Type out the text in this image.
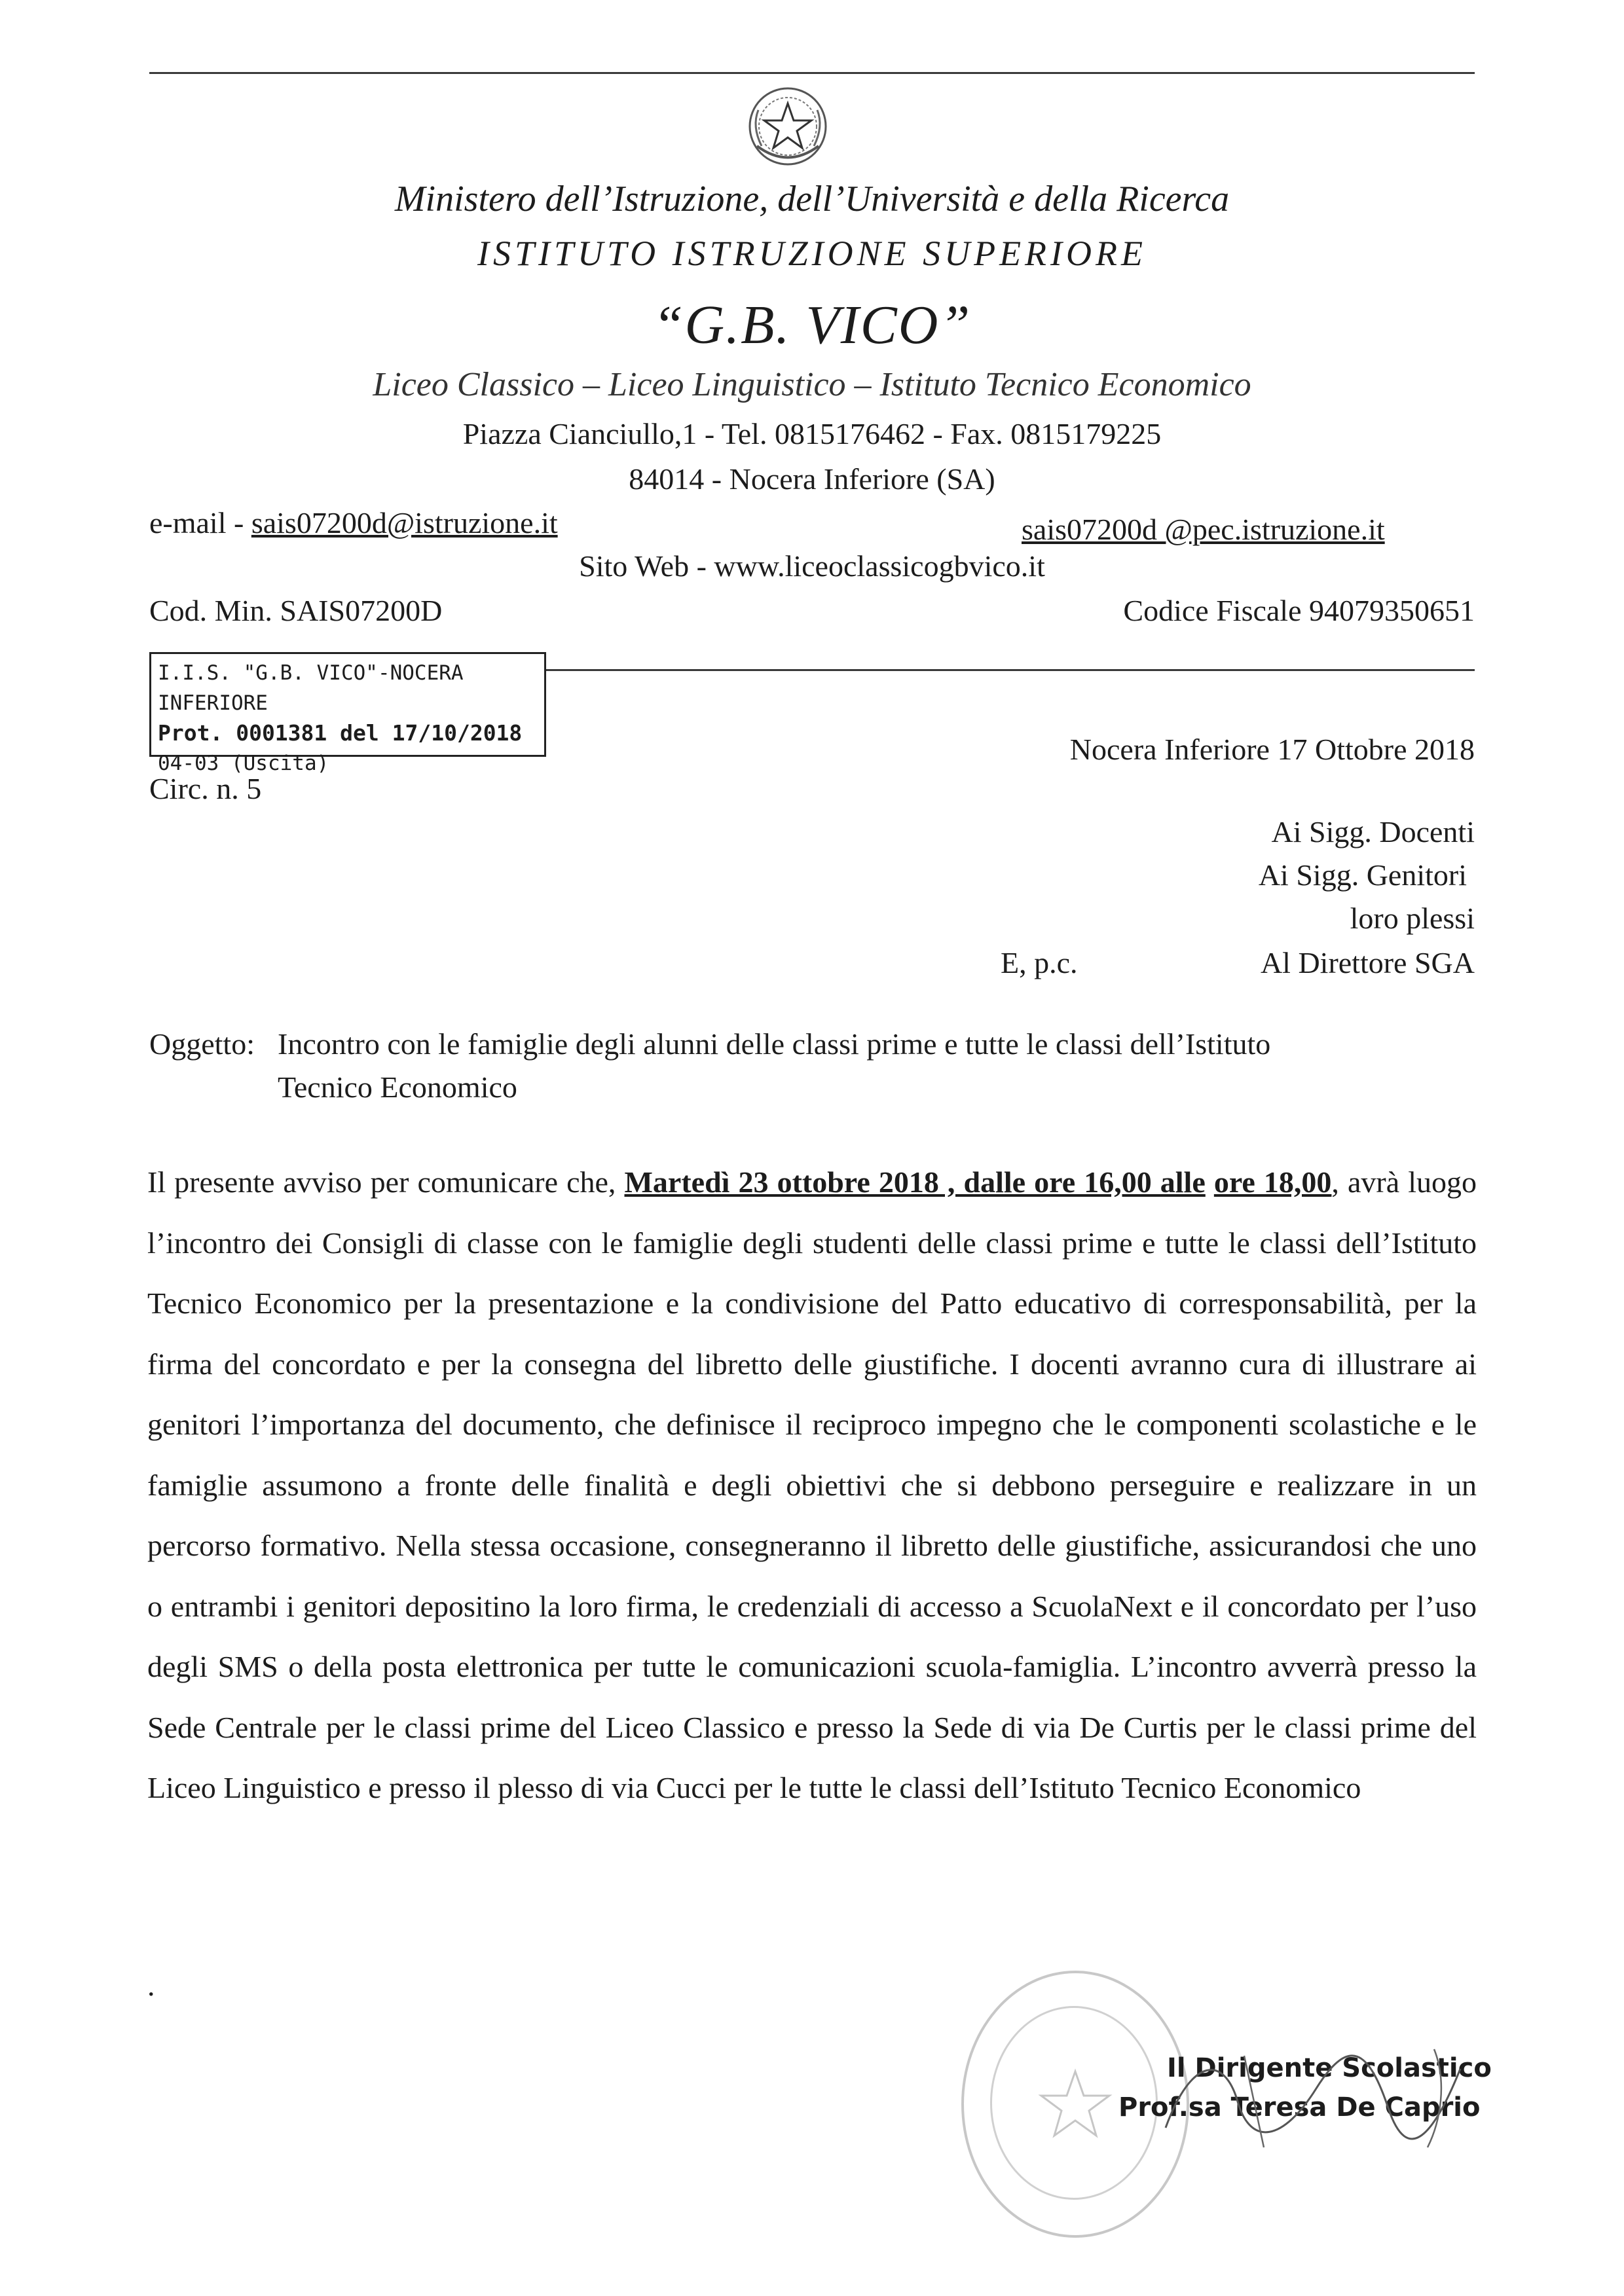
Ministero dell’Istruzione, dell’Università e della Ricerca
ISTITUTO ISTRUZIONE SUPERIORE
“G.B. VICO”
Liceo Classico – Liceo Linguistico – Istituto Tecnico Economico
Piazza Cianciullo,1 - Tel. 0815176462 - Fax. 0815179225
84014 - Nocera Inferiore (SA)
e-mail - sais07200d@istruzione.it	sais07200d @pec.istruzione.it
Sito Web - www.liceoclassicogbvico.it
Cod. Min. SAIS07200D	Codice Fiscale 94079350651
I.I.S. "G.B. VICO"-NOCERA INFERIORE
Prot. 0001381 del 17/10/2018
04-03 (Uscita)	Nocera Inferiore 17 Ottobre 2018
Circ. n. 5
Ai Sigg. Docenti
Ai Sigg. Genitori
loro plessi
E, p.c.	Al Direttore SGA
Oggetto: Incontro con le famiglie degli alunni delle classi prime e tutte le classi dell’Istituto
Tecnico Economico
Il presente avviso per comunicare che, Martedì 23 ottobre 2018 , dalle ore 16,00 alle ore 18,00, avrà luogo l’incontro dei Consigli di classe con le famiglie degli studenti delle classi prime e tutte le classi dell’Istituto Tecnico Economico per la presentazione e la condivisione del Patto educativo di corresponsabilità, per la firma del concordato e per la consegna del libretto delle giustifiche. I docenti avranno cura di illustrare ai genitori l’importanza del documento, che definisce il reciproco impegno che le componenti scolastiche e le famiglie assumono a fronte delle finalità e degli obiettivi che si debbono perseguire e realizzare in un percorso formativo. Nella stessa occasione, consegneranno il libretto delle giustifiche, assicurandosi che uno o entrambi i genitori depositino la loro firma, le credenziali di accesso a ScuolaNext e il concordato per l’uso degli SMS o della posta elettronica per tutte le comunicazioni scuola-famiglia. L’incontro avverrà presso la Sede Centrale per le classi prime del Liceo Classico e presso la Sede di via De Curtis per le classi prime del Liceo Linguistico e presso il plesso di via Cucci per le tutte le classi dell’Istituto Tecnico Economico
.
Il Dirigente Scolastico
Prof.sa Teresa De Caprio
